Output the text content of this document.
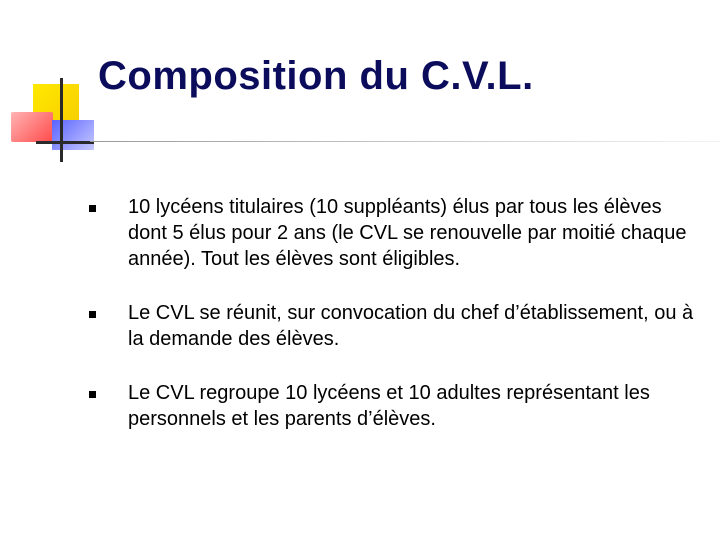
Composition du C.V.L.
10 lycéens titulaires (10 suppléants) élus par tous les élèves dont 5 élus pour 2 ans (le CVL se renouvelle par moitié chaque année). Tout les élèves sont éligibles.
Le CVL se réunit, sur convocation du chef d’établissement, ou à la demande des élèves.
Le CVL regroupe 10 lycéens et 10 adultes représentant les personnels et les parents d’élèves.
